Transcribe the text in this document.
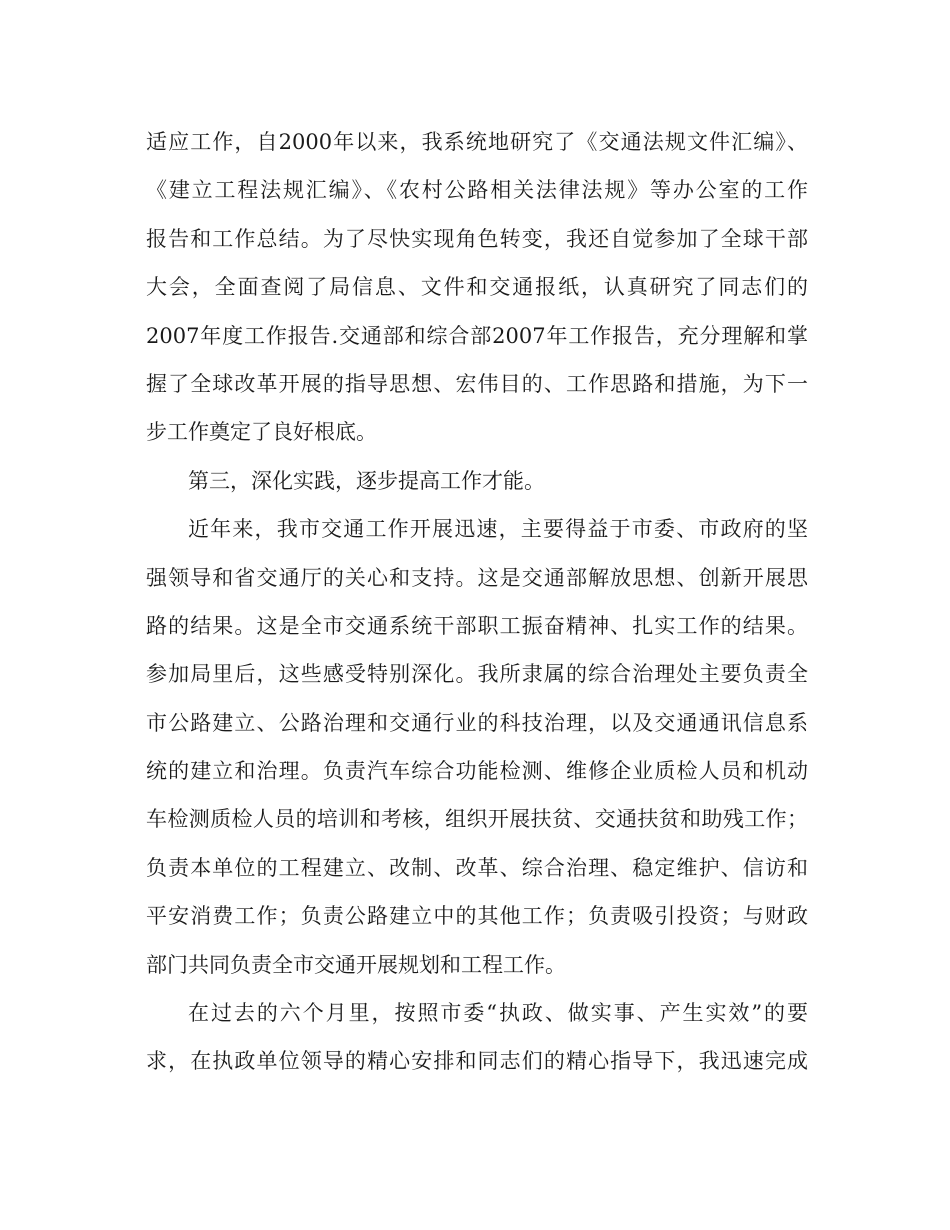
适应工作，自2000年以来，我系统地研究了《交通法规文件汇编》、
《建立工程法规汇编》、《农村公路相关法律法规》等办公室的工作
报告和工作总结。为了尽快实现角色转变，我还自觉参加了全球干部
大会，全面查阅了局信息、文件和交通报纸，认真研究了同志们的
2007年度工作报告.交通部和综合部2007年工作报告，充分理解和掌
握了全球改革开展的指导思想、宏伟目的、工作思路和措施，为下一
步工作奠定了良好根底。
第三，深化实践，逐步提高工作才能。
近年来，我市交通工作开展迅速，主要得益于市委、市政府的坚
强领导和省交通厅的关心和支持。这是交通部解放思想、创新开展思
路的结果。这是全市交通系统干部职工振奋精神、扎实工作的结果。
参加局里后，这些感受特别深化。我所隶属的综合治理处主要负责全
市公路建立、公路治理和交通行业的科技治理，以及交通通讯信息系
统的建立和治理。负责汽车综合功能检测、维修企业质检人员和机动
车检测质检人员的培训和考核，组织开展扶贫、交通扶贫和助残工作；
负责本单位的工程建立、改制、改革、综合治理、稳定维护、信访和
平安消费工作；负责公路建立中的其他工作；负责吸引投资；与财政
部门共同负责全市交通开展规划和工程工作。
在过去的六个月里，按照市委“执政、做实事、产生实效”的要
求，在执政单位领导的精心安排和同志们的精心指导下，我迅速完成
